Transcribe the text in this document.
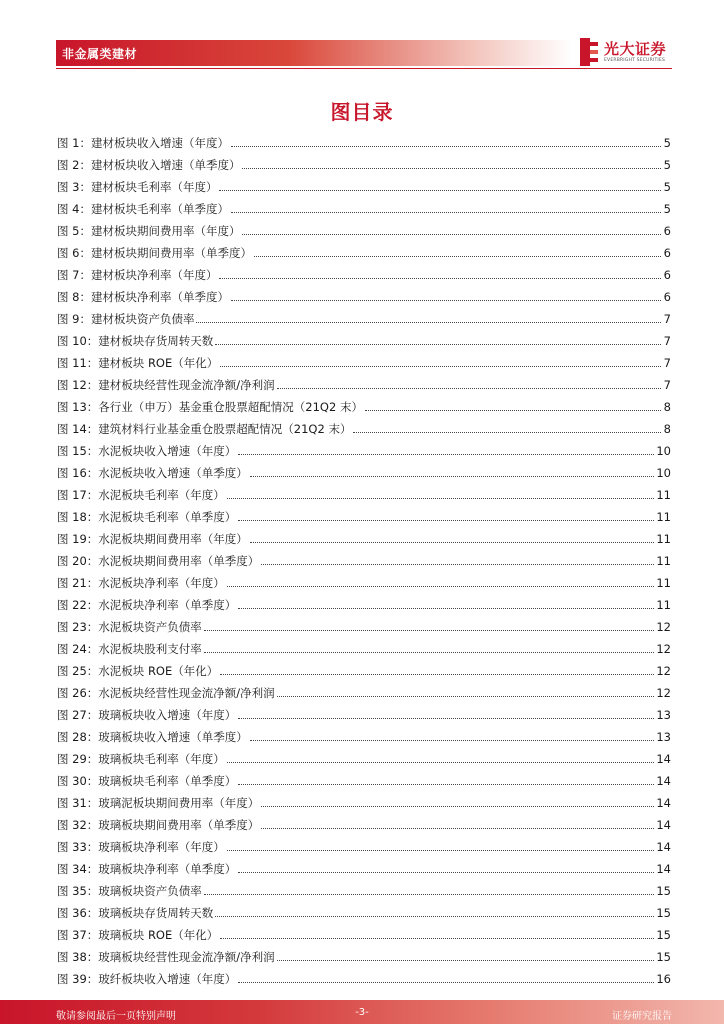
非金属类建材	光大证券
EVERBRIGHT SECURITIES
图目录
图 1：建材板块收入增速（年度）	5
图 2：建材板块收入增速（单季度）	5
图 3：建材板块毛利率（年度）	5
图 4：建材板块毛利率（单季度）	5
图 5：建材板块期间费用率（年度）	6
图 6：建材板块期间费用率（单季度）	6
图 7：建材板块净利率（年度）	6
图 8：建材板块净利率（单季度）	6
图 9：建材板块资产负债率	7
图 10：建材板块存货周转天数	7
图 11：建材板块 ROE（年化）	7
图 12：建材板块经营性现金流净额/净利润	7
图 13：各行业（申万）基金重仓股票超配情况（21Q2 末）	8
图 14：建筑材料行业基金重仓股票超配情况（21Q2 末）	8
图 15：水泥板块收入增速（年度）	10
图 16：水泥板块收入增速（单季度）	10
图 17：水泥板块毛利率（年度）	11
图 18：水泥板块毛利率（单季度）	11
图 19：水泥板块期间费用率（年度）	11
图 20：水泥板块期间费用率（单季度）	11
图 21：水泥板块净利率（年度）	11
图 22：水泥板块净利率（单季度）	11
图 23：水泥板块资产负债率	12
图 24：水泥板块股利支付率	12
图 25：水泥板块 ROE（年化）	12
图 26：水泥板块经营性现金流净额/净利润	12
图 27：玻璃板块收入增速（年度）	13
图 28：玻璃板块收入增速（单季度）	13
图 29：玻璃板块毛利率（年度）	14
图 30：玻璃板块毛利率（单季度）	14
图 31：玻璃泥板块期间费用率（年度）	14
图 32：玻璃板块期间费用率（单季度）	14
图 33：玻璃板块净利率（年度）	14
图 34：玻璃板块净利率（单季度）	14
图 35：玻璃板块资产负债率	15
图 36：玻璃板块存货周转天数	15
图 37：玻璃板块 ROE（年化）	15
图 38：玻璃板块经营性现金流净额/净利润	15
图 39：玻纤板块收入增速（年度）	16
敬请参阅最后一页特别声明	-3-	证券研究报告
